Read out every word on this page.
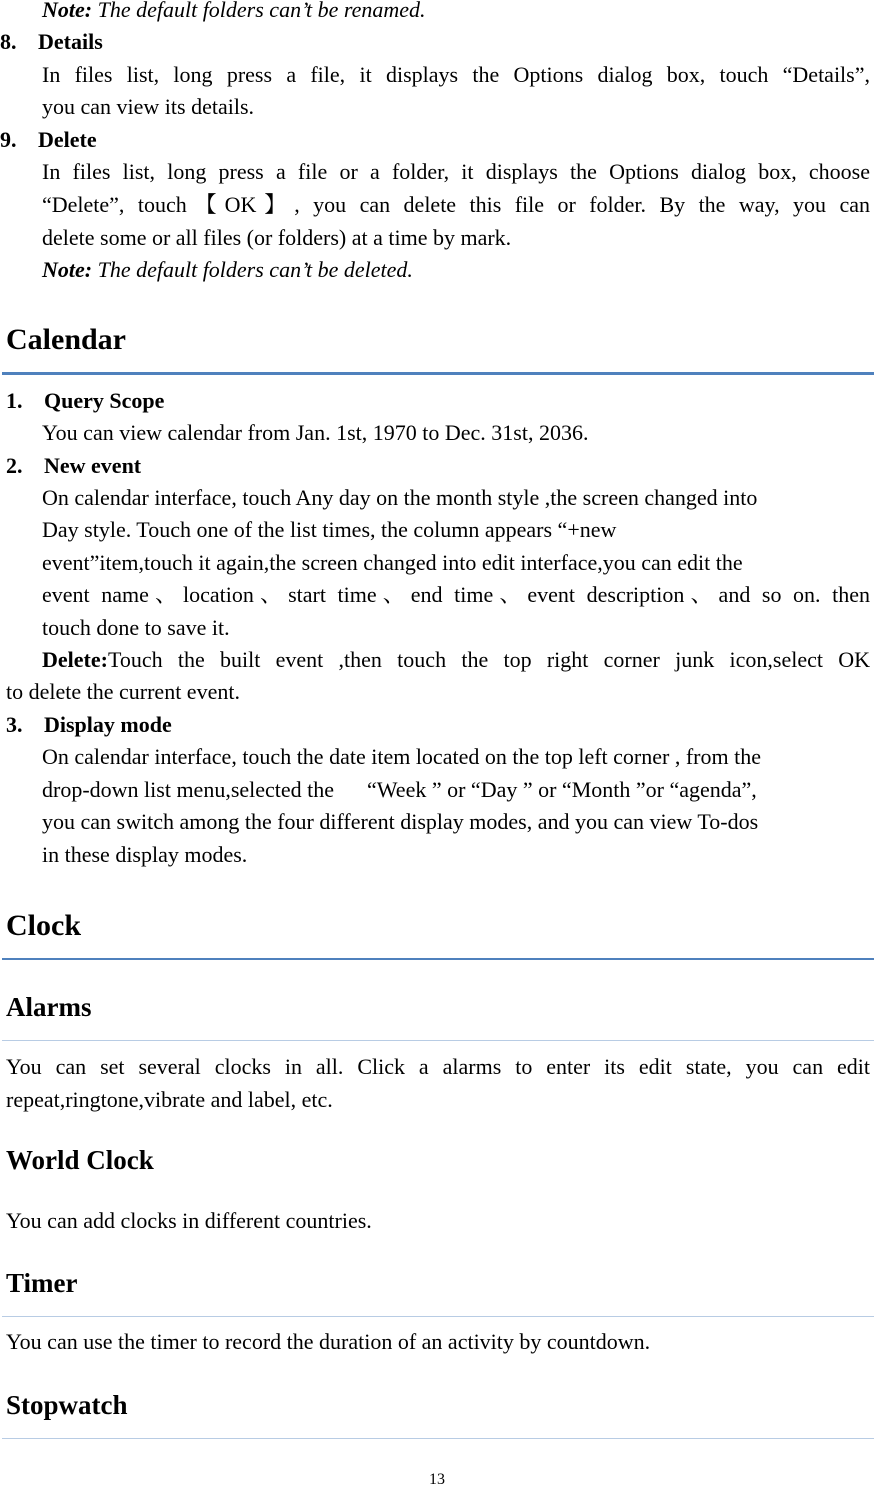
Note: The default folders can’t be renamed.
8. Details
In files list, long press a file, it displays the Options dialog box, touch “Details”,
you can view its details.
9. Delete
In files list, long press a file or a folder, it displays the Options dialog box, choose
“Delete”, touch【OK】, you can delete this file or folder. By the way, you can
delete some or all files (or folders) at a time by mark.
Note: The default folders can’t be deleted.
Calendar
1. Query Scope
You can view calendar from Jan. 1st, 1970 to Dec. 31st, 2036.
2. New event
On calendar interface, touch Any day on the month style ,the screen changed into
Day style. Touch one of the list times, the column appears “+new
event”item,touch it again,the screen changed into edit interface,you can edit the
event name、location、start time、end time、event description、and so on. then
touch done to save it.
Delete:Touch the built event ,then touch the top right corner junk icon,select OK
to delete the current event.
3. Display mode
On calendar interface, touch the date item located on the top left corner , from the
drop-down list menu,selected the      “Week ” or “Day ” or “Month ”or “agenda”,
you can switch among the four different display modes, and you can view To-dos
in these display modes.
Clock
Alarms
You can set several clocks in all. Click a alarms to enter its edit state, you can edit
repeat,ringtone,vibrate and label, etc.
World Clock
You can add clocks in different countries.
Timer
You can use the timer to record the duration of an activity by countdown.
Stopwatch
13
